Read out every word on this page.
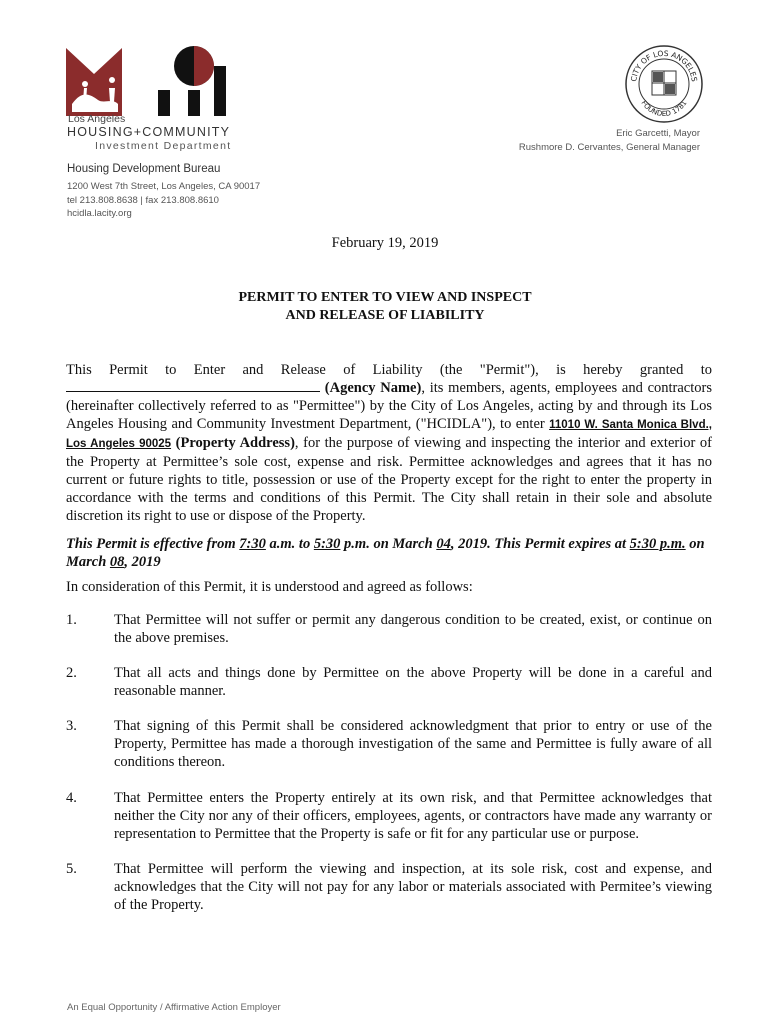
Los Angeles
HOUSING+COMMUNITY
Investment Department
CITY OF LOS ANGELES
FOUNDED 1781
Eric Garcetti, Mayor
Rushmore D. Cervantes, General Manager
Housing Development Bureau
1200 West 7th Street, Los Angeles, CA 90017
tel 213.808.8638 | fax 213.808.8610
hcidla.lacity.org
February 19, 2019
PERMIT TO ENTER TO VIEW AND INSPECT
AND RELEASE OF LIABILITY

This Permit to Enter and Release of Liability (the "Permit"), is hereby granted to  (Agency Name), its members, agents, employees and contractors (hereinafter collectively referred to as "Permittee") by the City of Los Angeles, acting by and through its Los Angeles Housing and Community Investment Department, ("HCIDLA"), to enter 11010 W. Santa Monica Blvd., Los Angeles 90025 (Property Address), for the purpose of viewing and inspecting the interior and exterior of the Property at Permittee’s sole cost, expense and risk. Permittee acknowledges and agrees that it has no current or future rights to title, possession or use of the Property except for the right to enter the property in accordance with the terms and conditions of this Permit. The City shall retain in their sole and absolute discretion its right to use or dispose of the Property.

This Permit is effective from 7:30 a.m. to 5:30 p.m. on March 04, 2019. This Permit expires at 5:30 p.m. on March 08, 2019

In consideration of this Permit, it is understood and agreed as follows:

1.	That Permittee will not suffer or permit any dangerous condition to be created, exist, or continue on the above premises.
2.	That all acts and things done by Permittee on the above Property will be done in a careful and reasonable manner.
3.	That signing of this Permit shall be considered acknowledgment that prior to entry or use of the Property, Permittee has made a thorough investigation of the same and Permittee is fully aware of all conditions thereon.
4.	That Permittee enters the Property entirely at its own risk, and that Permittee acknowledges that neither the City nor any of their officers, employees, agents, or contractors have made any warranty or representation to Permittee that the Property is safe or fit for any particular use or purpose.
5.	That Permittee will perform the viewing and inspection, at its sole risk, cost and expense, and acknowledges that the City will not pay for any labor or materials associated with Permitee’s viewing of the Property.
An Equal Opportunity / Affirmative Action Employer
